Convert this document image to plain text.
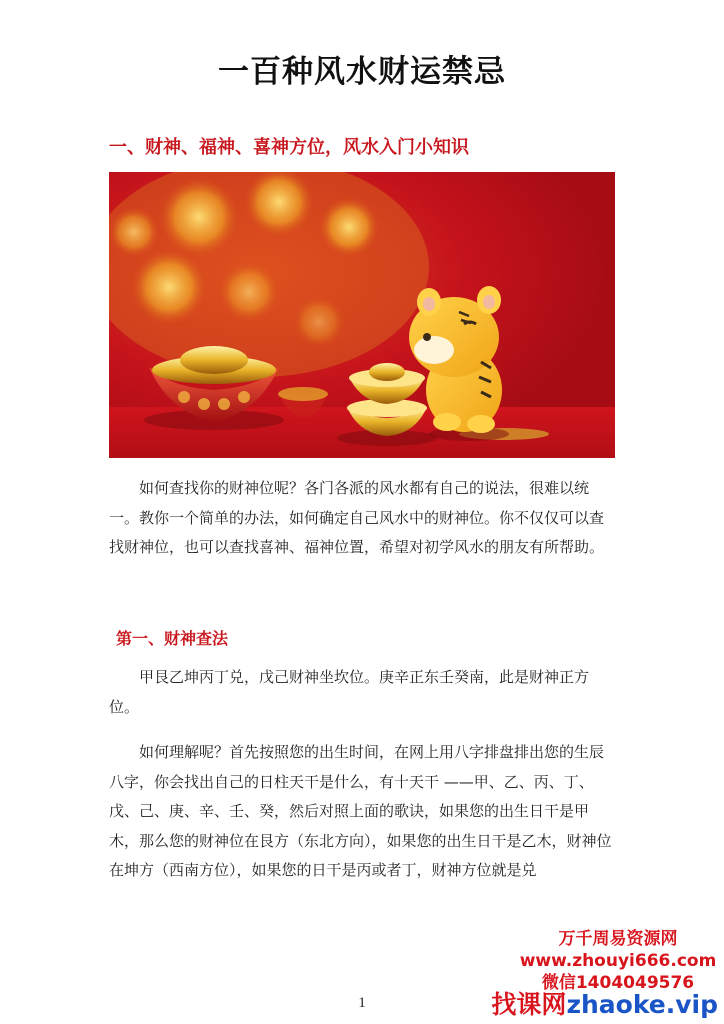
一百种风水财运禁忌
一、财神、福神、喜神方位，风水入门小知识

如何查找你的财神位呢？各门各派的风水都有自己的说法，很难以统一。教你一个简单的办法，如何确定自己风水中的财神位。你不仅仅可以查找财神位，也可以查找喜神、福神位置，希望对初学风水的朋友有所帮助。

第一、财神查法

甲艮乙坤丙丁兑，戊己财神坐坎位。庚辛正东壬癸南，此是财神正方位。

如何理解呢？首先按照您的出生时间，在网上用八字排盘排出您的生辰八字，你会找出自己的日柱天干是什么，有十天干 ——甲、乙、丙、丁、戊、己、庚、辛、壬、癸，然后对照上面的歌诀，如果您的出生日干是甲木，那么您的财神位在艮方（东北方向），如果您的出生日干是乙木，财神位在坤方（西南方位），如果您的日干是丙或者丁，财神方位就是兑

1
万千周易资源网
www.zhouyi666.com
微信1404049576
找课网zhaoke.vip
